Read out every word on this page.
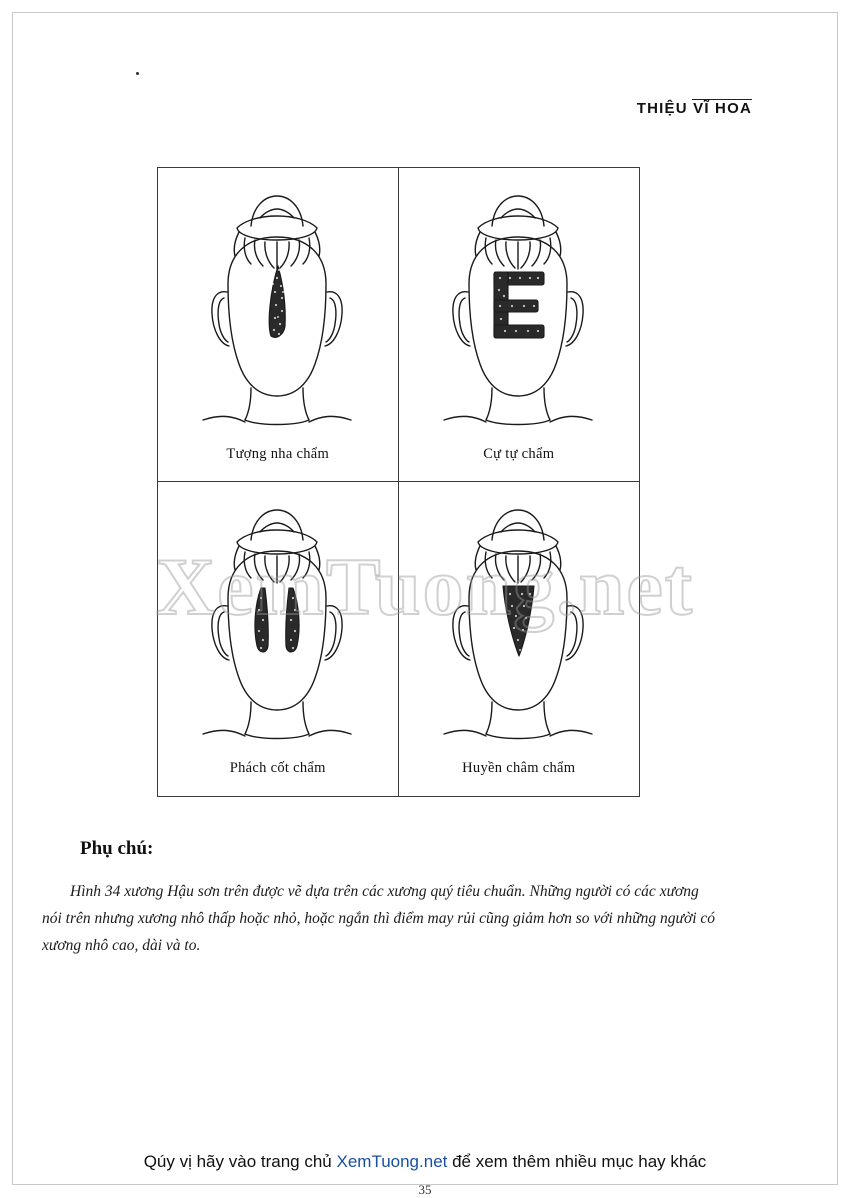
THIỆU VĨ HOA
Tượng nha chẩm	Cự tự chẩm
Phách cốt chẩm	Huyền châm chẩm
XemTuong.net
Phụ chú:
Hình 34 xương Hậu sơn trên được vẽ dựa trên các xương quý tiêu chuẩn. Những người có các xương nói trên nhưng xương nhô thấp hoặc nhỏ, hoặc ngắn thì điểm may rủi cũng giảm hơn so với những người có xương nhô cao, dài và to.
Qúy vị hãy vào trang chủ XemTuong.net để xem thêm nhiều mục hay khác
35
